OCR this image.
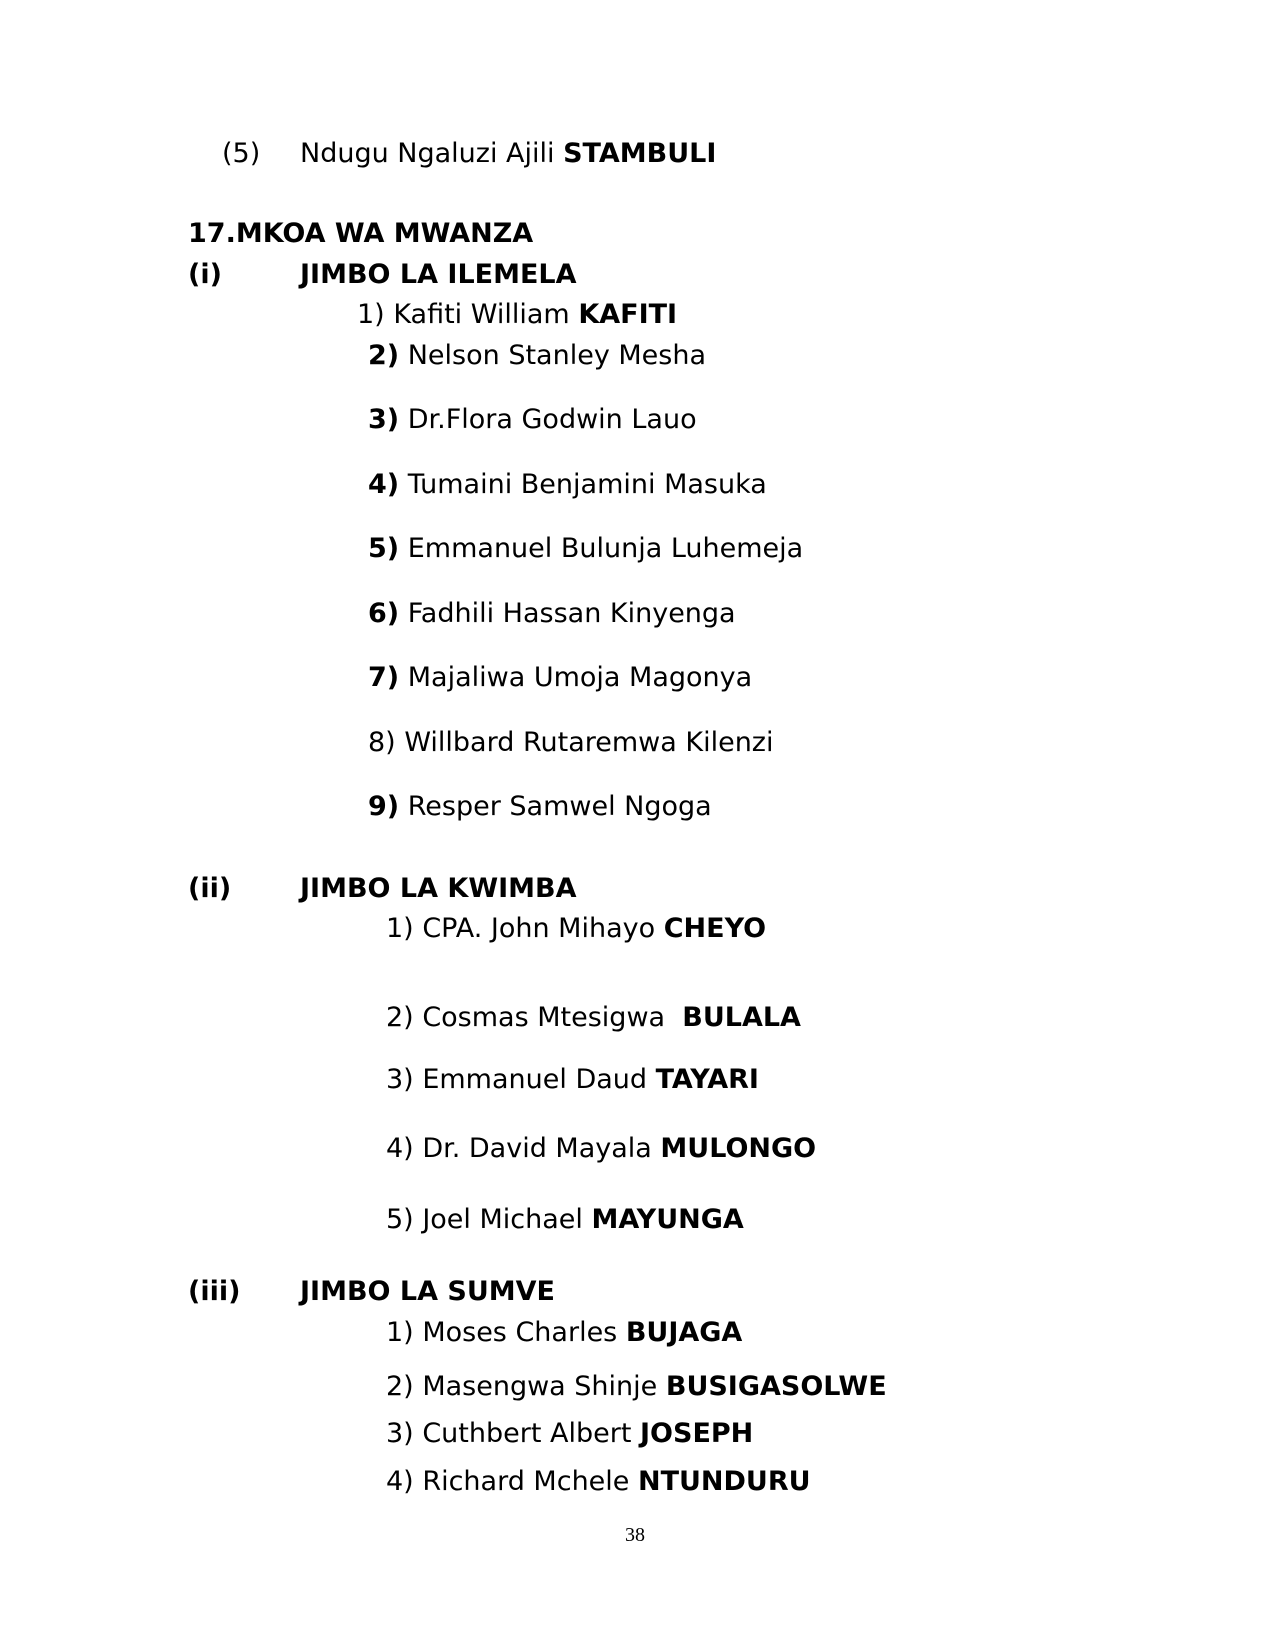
(5) Ndugu Ngaluzi Ajili STAMBULI
17.MKOA WA MWANZA
(i)	JIMBO LA ILEMELA
1) Kafiti William KAFITI
2) Nelson Stanley Mesha
3) Dr.Flora Godwin Lauo
4) Tumaini Benjamini Masuka
5) Emmanuel Bulunja Luhemeja
6) Fadhili Hassan Kinyenga
7) Majaliwa Umoja Magonya
8) Willbard Rutaremwa Kilenzi
9) Resper Samwel Ngoga
(ii)	JIMBO LA KWIMBA
1) CPA. John Mihayo CHEYO
2) Cosmas Mtesigwa  BULALA
3) Emmanuel Daud TAYARI
4) Dr. David Mayala MULONGO
5) Joel Michael MAYUNGA
(iii) JIMBO LA SUMVE
1) Moses Charles BUJAGA
2) Masengwa Shinje BUSIGASOLWE
3) Cuthbert Albert JOSEPH
4) Richard Mchele NTUNDURU
38
